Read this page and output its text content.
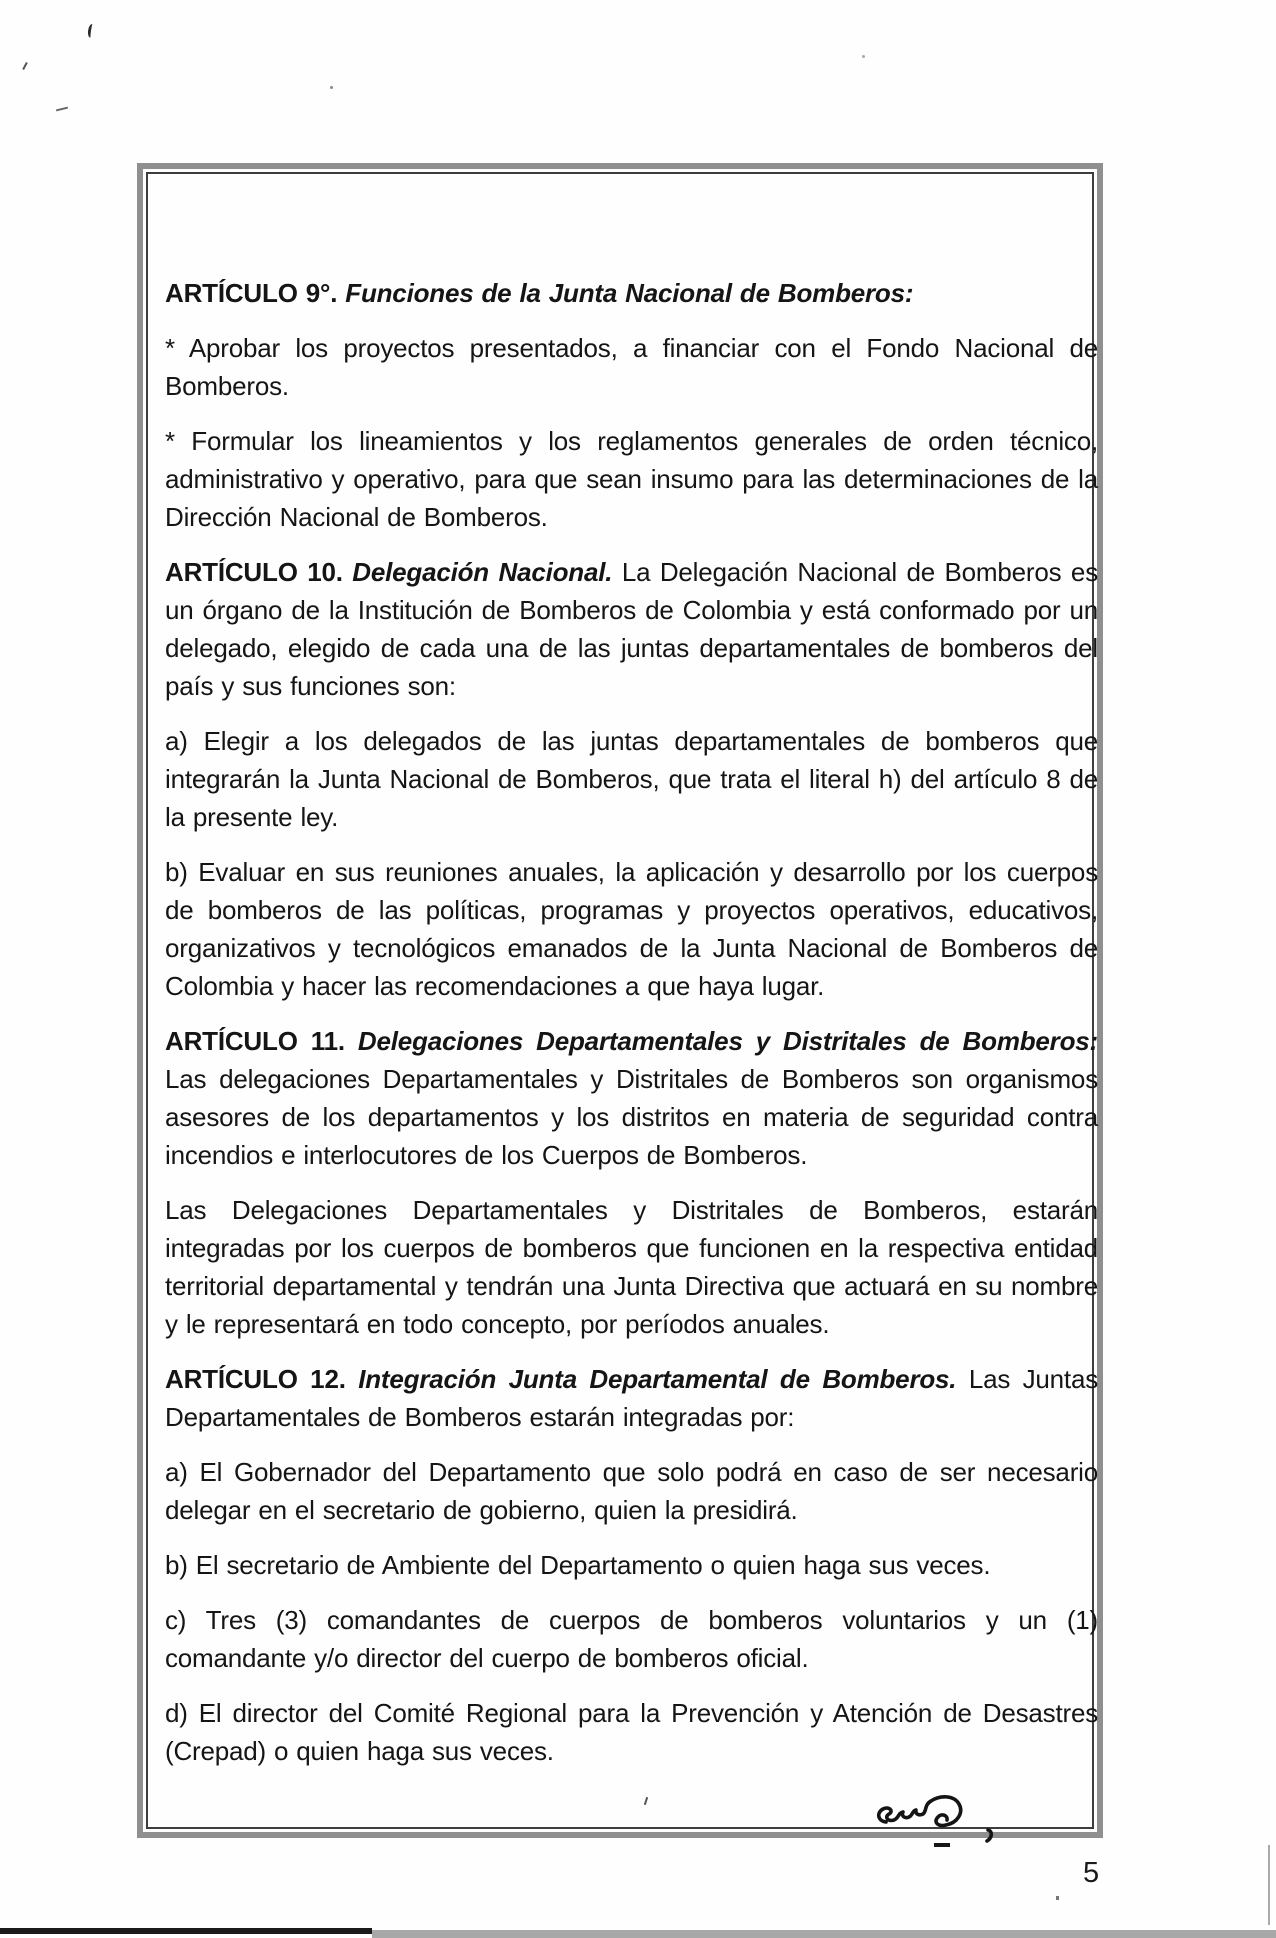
ARTÍCULO 9°. Funciones de la Junta Nacional de Bomberos:

* Aprobar los proyectos presentados, a financiar con el Fondo Nacional de Bomberos.

* Formular los lineamientos y los reglamentos generales de orden técnico, administrativo y operativo, para que sean insumo para las determinaciones de la Dirección Nacional de Bomberos.

ARTÍCULO 10. Delegación Nacional. La Delegación Nacional de Bomberos es un órgano de la Institución de Bomberos de Colombia y está conformado por un delegado, elegido de cada una de las juntas departamentales de bomberos del país y sus funciones son:

a) Elegir a los delegados de las juntas departamentales de bomberos que integrarán la Junta Nacional de Bomberos, que trata el literal h) del artículo 8 de la presente ley.

b) Evaluar en sus reuniones anuales, la aplicación y desarrollo por los cuerpos de bomberos de las políticas, programas y proyectos operativos, educativos, organizativos y tecnológicos emanados de la Junta Nacional de Bomberos de Colombia y hacer las recomendaciones a que haya lugar.

ARTÍCULO 11. Delegaciones Departamentales y Distritales de Bomberos: Las delegaciones Departamentales y Distritales de Bomberos son organismos asesores de los departamentos y los distritos en materia de seguridad contra incendios e interlocutores de los Cuerpos de Bomberos.

Las Delegaciones Departamentales y Distritales de Bomberos, estarán integradas por los cuerpos de bomberos que funcionen en la respectiva entidad territorial departamental y tendrán una Junta Directiva que actuará en su nombre y le representará en todo concepto, por períodos anuales.

ARTÍCULO 12. Integración Junta Departamental de Bomberos. Las Juntas Departamentales de Bomberos estarán integradas por:

a) El Gobernador del Departamento que solo podrá en caso de ser necesario delegar en el secretario de gobierno, quien la presidirá.

b) El secretario de Ambiente del Departamento o quien haga sus veces.

c) Tres (3) comandantes de cuerpos de bomberos voluntarios y un (1) comandante y/o director del cuerpo de bomberos oficial.

d) El director del Comité Regional para la Prevención y Atención de Desastres (Crepad) o quien haga sus veces.

5
